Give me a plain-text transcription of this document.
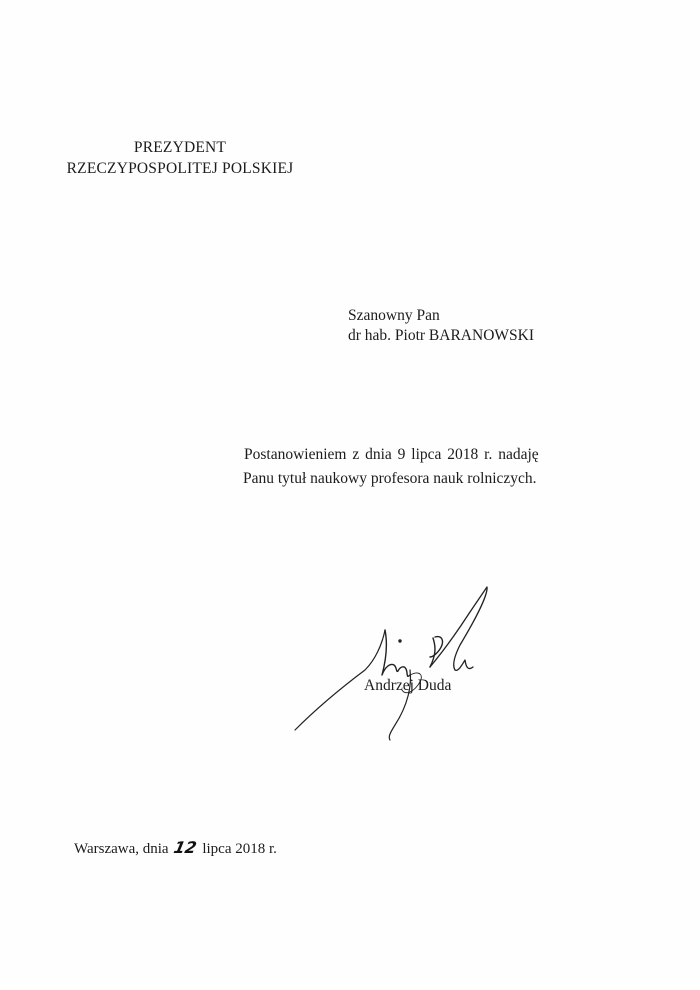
PREZYDENT
RZECZYPOSPOLITEJ POLSKIEJ
Szanowny Pan
dr hab. Piotr BARANOWSKI
Postanowieniem z dnia 9 lipca 2018 r. nadaję
Panu tytuł naukowy profesora nauk rolniczych.
Andrzej Duda
Warszawa, dnia 12 lipca 2018 r.
